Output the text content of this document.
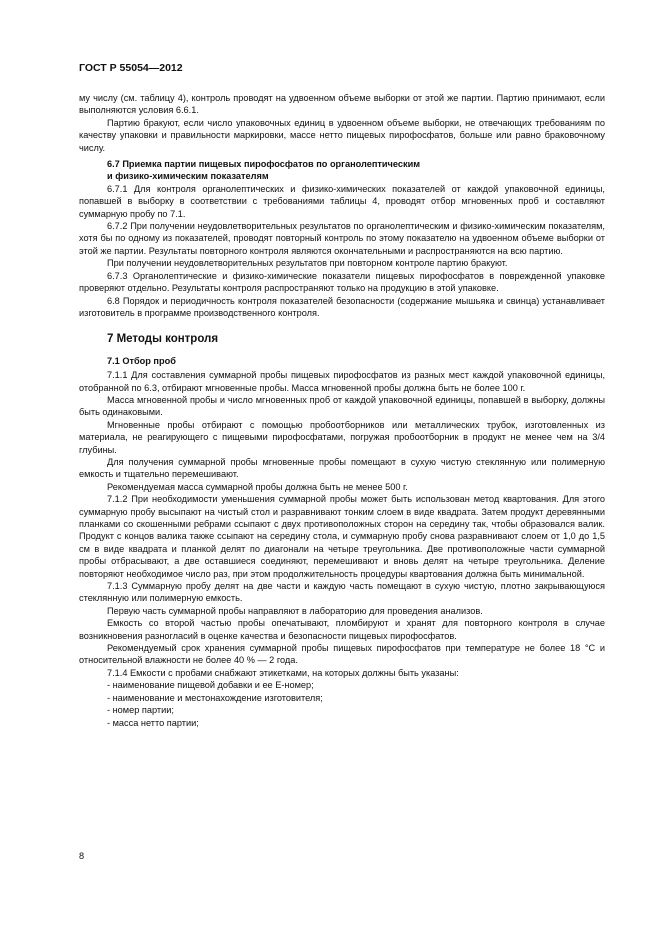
ГОСТ Р 55054—2012

му числу (см. таблицу 4), контроль проводят на удвоенном объеме выборки от этой же партии. Партию принимают, если выполняются условия 6.6.1.

Партию бракуют, если число упаковочных единиц в удвоенном объеме выборки, не отвечающих требованиям по качеству упаковки и правильности маркировки, массе нетто пищевых пирофосфатов, больше или равно браковочному числу.

6.7 Приемка партии пищевых пирофосфатов по органолептическим

и физико-химическим показателям

6.7.1 Для контроля органолептических и физико-химических показателей от каждой упаковочной единицы, попавшей в выборку в соответствии с требованиями таблицы 4, проводят отбор мгновенных проб и составляют суммарную пробу по 7.1.

6.7.2 При получении неудовлетворительных результатов по органолептическим и физико-химическим показателям, хотя бы по одному из показателей, проводят повторный контроль по этому показателю на удвоенном объеме выборки от этой же партии. Результаты повторного контроля являются окончательными и распространяются на всю партию.

При получении неудовлетворительных результатов при повторном контроле партию бракуют.

6.7.3 Органолептические и физико-химические показатели пищевых пирофосфатов в поврежденной упаковке проверяют отдельно. Результаты контроля распространяют только на продукцию в этой упаковке.

6.8 Порядок и периодичность контроля показателей безопасности (содержание мышьяка и свинца) устанавливает изготовитель в программе производственного контроля.

7 Методы контроля

7.1 Отбор проб

7.1.1 Для составления суммарной пробы пищевых пирофосфатов из разных мест каждой упаковочной единицы, отобранной по 6.3, отбирают мгновенные пробы. Масса мгновенной пробы должна быть не более 100 г.

Масса мгновенной пробы и число мгновенных проб от каждой упаковочной единицы, попавшей в выборку, должны быть одинаковыми.

Мгновенные пробы отбирают с помощью пробоотборников или металлических трубок, изготовленных из материала, не реагирующего с пищевыми пирофосфатами, погружая пробоотборник в продукт не менее чем на 3/4 глубины.

Для получения суммарной пробы мгновенные пробы помещают в сухую чистую стеклянную или полимерную емкость и тщательно перемешивают.

Рекомендуемая масса суммарной пробы должна быть не менее 500 г.

7.1.2 При необходимости уменьшения суммарной пробы может быть использован метод квартования. Для этого суммарную пробу высыпают на чистый стол и разравнивают тонким слоем в виде квадрата. Затем продукт деревянными планками со скошенными ребрами ссыпают с двух противоположных сторон на середину так, чтобы образовался валик. Продукт с концов валика также ссыпают на середину стола, и суммарную пробу снова разравнивают слоем от 1,0 до 1,5 см в виде квадрата и планкой делят по диагонали на четыре треугольника. Две противоположные части суммарной пробы отбрасывают, а две оставшиеся соединяют, перемешивают и вновь делят на четыре треугольника. Деление повторяют необходимое число раз, при этом продолжительность процедуры квартования должна быть минимальной.

7.1.3 Суммарную пробу делят на две части и каждую часть помещают в сухую чистую, плотно закрывающуюся стеклянную или полимерную емкость.

Первую часть суммарной пробы направляют в лабораторию для проведения анализов.

Емкость со второй частью пробы опечатывают, пломбируют и хранят для повторного контроля в случае возникновения разногласий в оценке качества и безопасности пищевых пирофосфатов.

Рекомендуемый срок хранения суммарной пробы пищевых пирофосфатов при температуре не более 18 °С и относительной влажности не более 40 % — 2 года.

7.1.4 Емкости с пробами снабжают этикетками, на которых должны быть указаны:

- наименование пищевой добавки и ее Е-номер;

- наименование и местонахождение изготовителя;

- номер партии;

- масса нетто партии;

8
